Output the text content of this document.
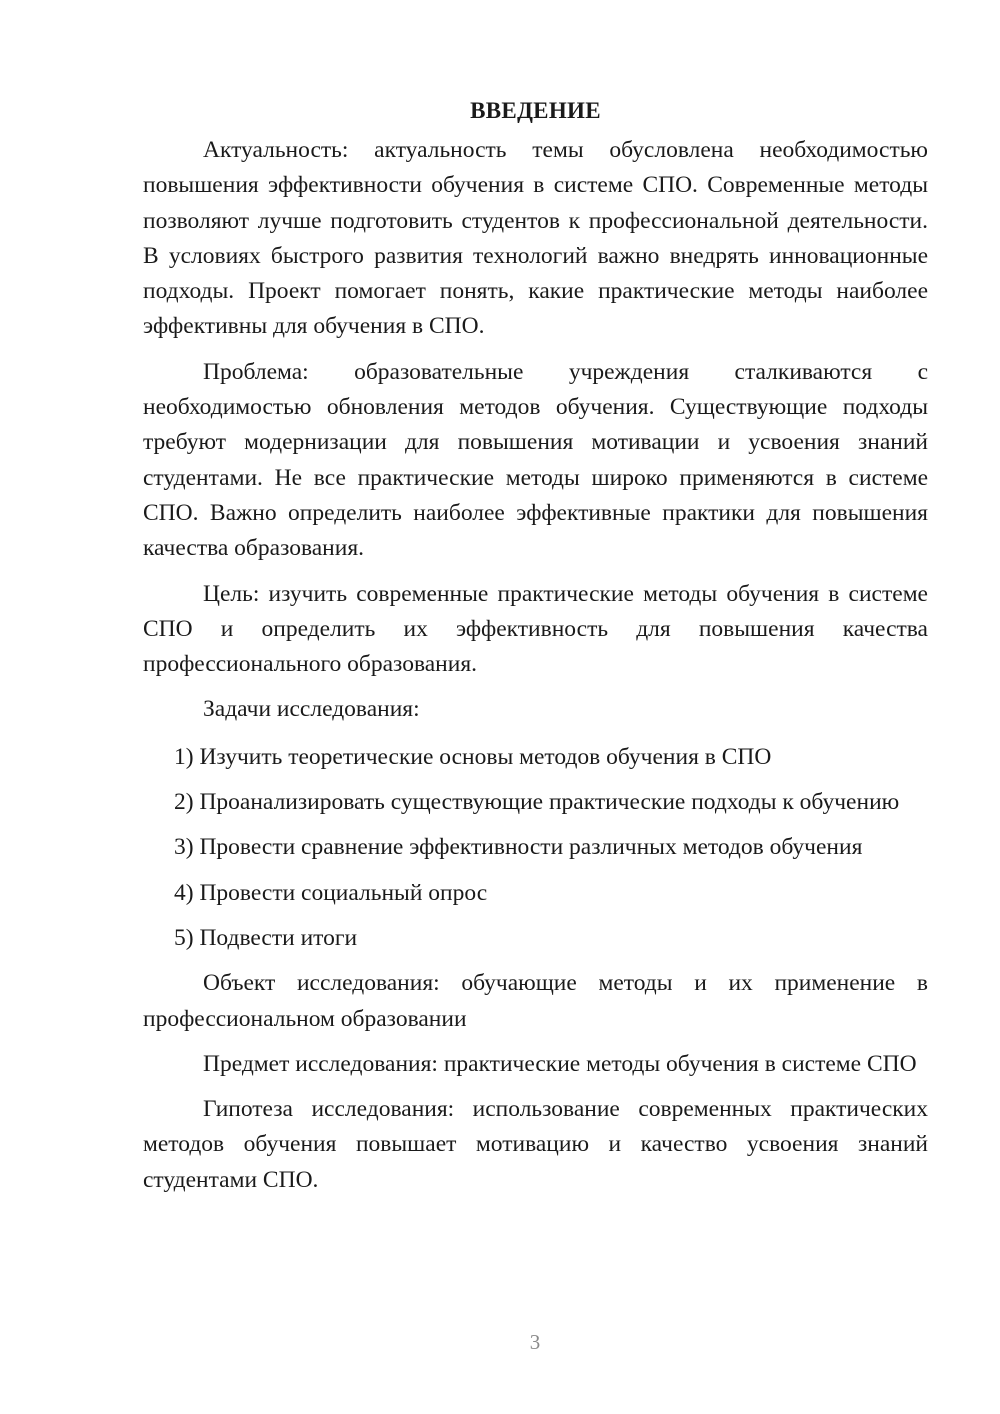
ВВЕДЕНИЕ

Актуальность: актуальность темы обусловлена необходимостью повышения эффективности обучения в системе СПО. Современные методы позволяют лучше подготовить студентов к профессиональной деятельности. В условиях быстрого развития технологий важно внедрять инновационные подходы. Проект помогает понять, какие практические методы наиболее эффективны для обучения в СПО.

Проблема: образовательные учреждения сталкиваются с необходимостью обновления методов обучения. Существующие подходы требуют модернизации для повышения мотивации и усвоения знаний студентами. Не все практические методы широко применяются в системе СПО. Важно определить наиболее эффективные практики для повышения качества образования.

Цель: изучить современные практические методы обучения в системе СПО и определить их эффективность для повышения качества профессионального образования.

Задачи исследования:

1) Изучить теоретические основы методов обучения в СПО

2) Проанализировать существующие практические подходы к обучению

3) Провести сравнение эффективности различных методов обучения

4) Провести социальный опрос

5) Подвести итоги

Объект исследования: обучающие методы и их применение в профессиональном образовании

Предмет исследования: практические методы обучения в системе СПО

Гипотеза исследования: использование современных практических методов обучения повышает мотивацию и качество усвоения знаний студентами СПО.

3
